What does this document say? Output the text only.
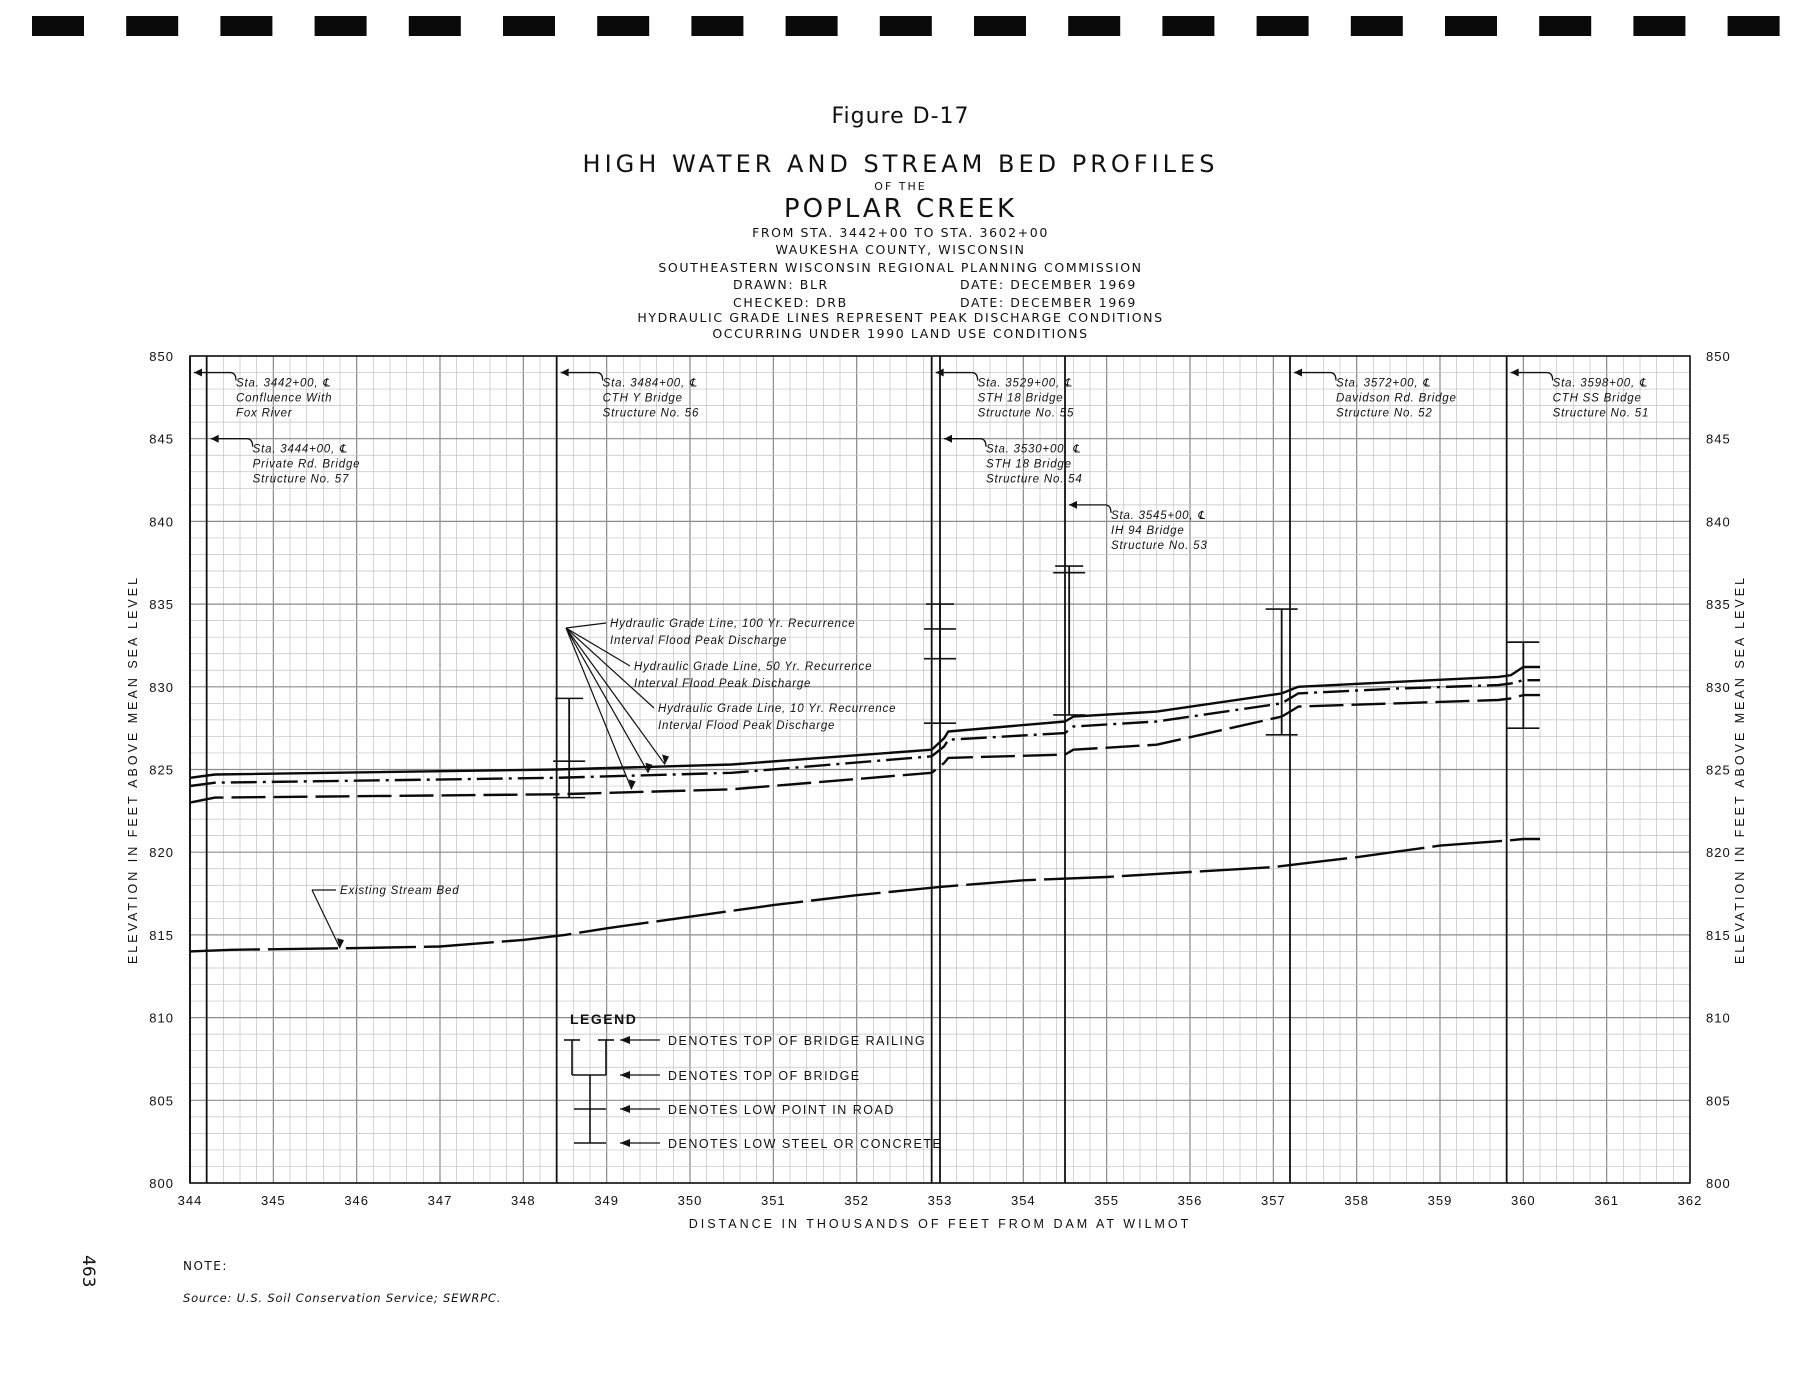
Figure D-17
HIGH WATER AND STREAM BED PROFILES
OF THE
POPLAR CREEK
FROM STA. 3442+00 TO STA. 3602+00
WAUKESHA COUNTY, WISCONSIN
SOUTHEASTERN WISCONSIN REGIONAL PLANNING COMMISSION
DRAWN: BLR	DATE: DECEMBER 1969
CHECKED: DRB	DATE: DECEMBER 1969
HYDRAULIC GRADE LINES REPRESENT PEAK DISCHARGE CONDITIONS
OCCURRING UNDER 1990 LAND USE CONDITIONS
344	345	346	347	348	349	350	351	352	353	354	355	356	357	358	359	360	361	362
800
805
810
815
820
825
830
835
840
845
850
800
805
810
815
820
825
830
835
840
845
850
DISTANCE IN THOUSANDS OF FEET FROM DAM AT WILMOT
ELEVATION IN FEET ABOVE MEAN SEA LEVEL	ELEVATION IN FEET ABOVE MEAN SEA LEVEL
Sta. 3442+00, ℄
Confluence With
Fox River
Sta. 3444+00, ℄
Private Rd. Bridge
Structure No. 57
Sta. 3484+00, ℄
CTH Y Bridge
Structure No. 56
Sta. 3529+00, ℄
STH 18 Bridge
Structure No. 55
Sta. 3530+00, ℄
STH 18 Bridge
Structure No. 54
Sta. 3545+00, ℄
IH 94 Bridge
Structure No. 53
Sta. 3572+00, ℄
Davidson Rd. Bridge
Structure No. 52
Sta. 3598+00, ℄
CTH SS Bridge
Structure No. 51
Hydraulic Grade Line, 100 Yr. Recurrence
Interval Flood Peak Discharge
Hydraulic Grade Line, 50 Yr. Recurrence
Interval Flood Peak Discharge
Hydraulic Grade Line, 10 Yr. Recurrence
Interval Flood Peak Discharge
Existing Stream Bed
LEGEND
DENOTES TOP OF BRIDGE RAILING
DENOTES TOP OF BRIDGE
DENOTES LOW POINT IN ROAD
DENOTES LOW STEEL OR CONCRETE
463	NOTE:
Source: U.S. Soil Conservation Service; SEWRPC.
